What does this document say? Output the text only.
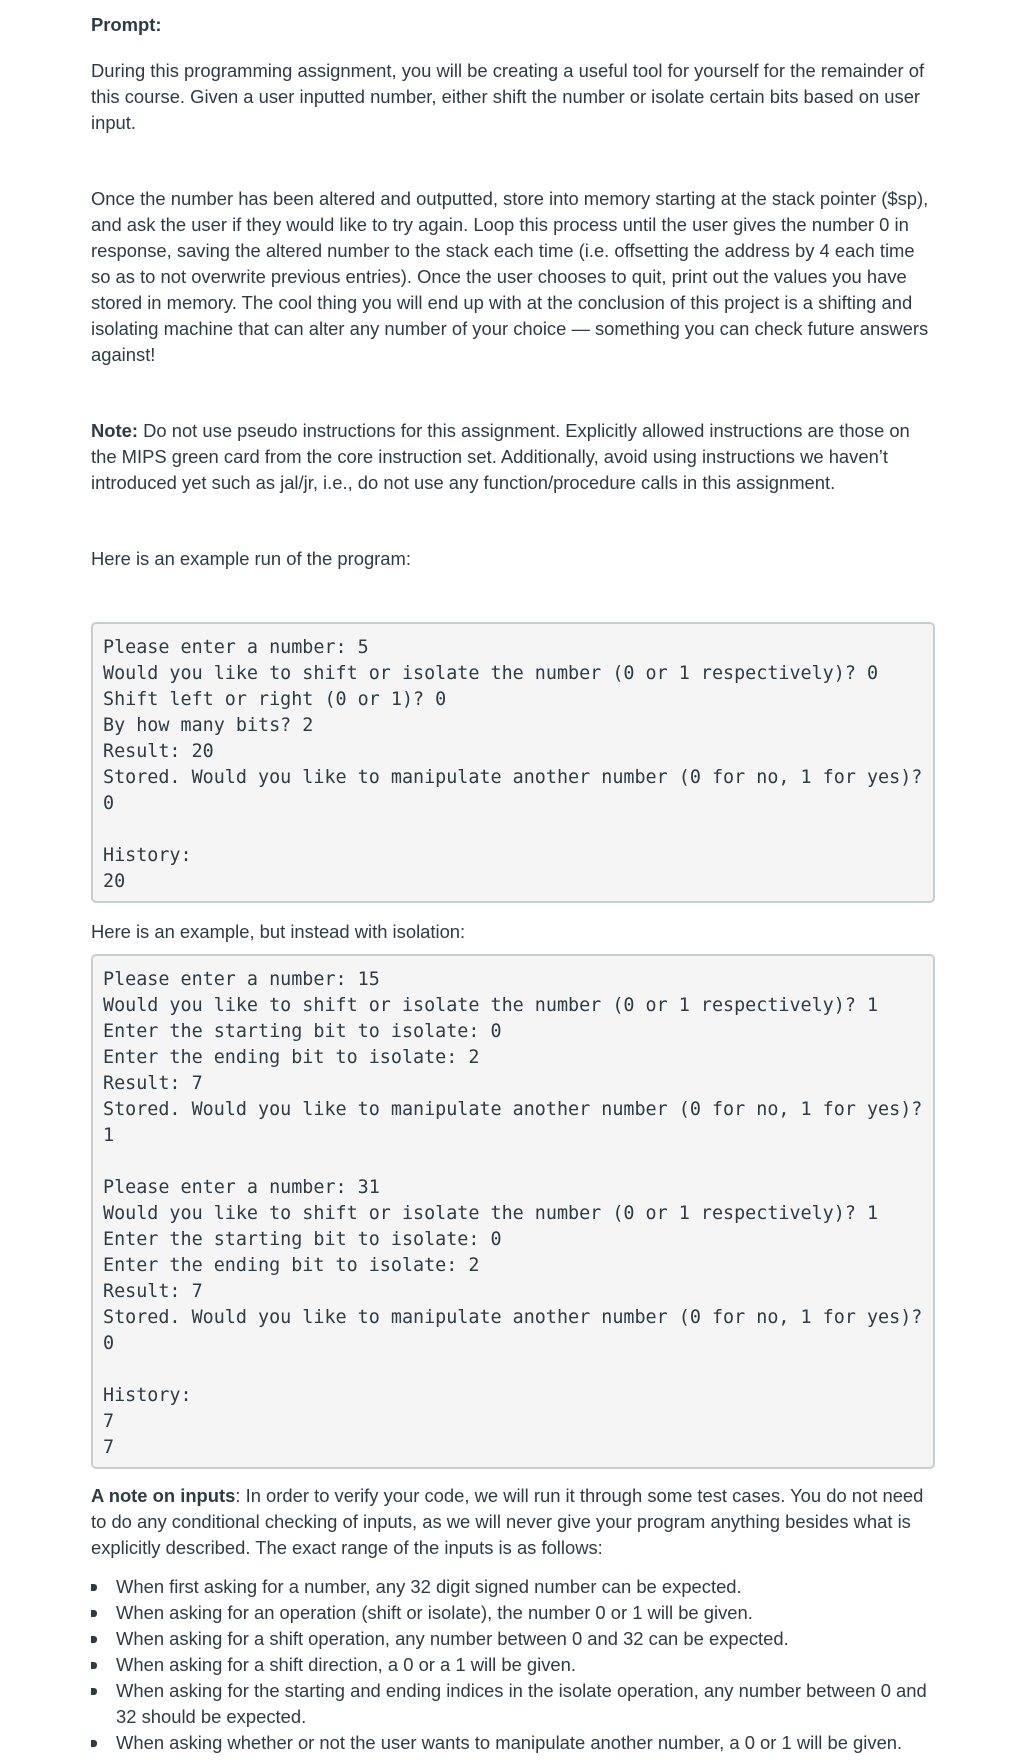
Prompt:

During this programming assignment, you will be creating a useful tool for yourself for the remainder of this course. Given a user inputted number, either shift the number or isolate certain bits based on user input.

Once the number has been altered and outputted, store into memory starting at the stack pointer ($sp), and ask the user if they would like to try again. Loop this process until the user gives the number 0 in response, saving the altered number to the stack each time (i.e. offsetting the address by 4 each time so as to not overwrite previous entries). Once the user chooses to quit, print out the values you have stored in memory. The cool thing you will end up with at the conclusion of this project is a shifting and isolating machine that can alter any number of your choice — something you can check future answers against!

Note: Do not use pseudo instructions for this assignment. Explicitly allowed instructions are those on the MIPS green card from the core instruction set. Additionally, avoid using instructions we haven’t introduced yet such as jal/jr, i.e., do not use any function/procedure calls in this assignment.

Here is an example run of the program:

Please enter a number: 5
Would you like to shift or isolate the number (0 or 1 respectively)? 0
Shift left or right (0 or 1)? 0
By how many bits? 2
Result: 20
Stored. Would you like to manipulate another number (0 for no, 1 for yes)?
0
History:
20

Here is an example, but instead with isolation:

Please enter a number: 15
Would you like to shift or isolate the number (0 or 1 respectively)? 1
Enter the starting bit to isolate: 0
Enter the ending bit to isolate: 2
Result: 7
Stored. Would you like to manipulate another number (0 for no, 1 for yes)?
1
Please enter a number: 31
Would you like to shift or isolate the number (0 or 1 respectively)? 1
Enter the starting bit to isolate: 0
Enter the ending bit to isolate: 2
Result: 7
Stored. Would you like to manipulate another number (0 for no, 1 for yes)?
0
History:
7
7

A note on inputs: In order to verify your code, we will run it through some test cases. You do not need to do any conditional checking of inputs, as we will never give your program anything besides what is explicitly described. The exact range of the inputs is as follows:

When first asking for a number, any 32 digit signed number can be expected.
When asking for an operation (shift or isolate), the number 0 or 1 will be given.
When asking for a shift operation, any number between 0 and 32 can be expected.
When asking for a shift direction, a 0 or a 1 will be given.
When asking for the starting and ending indices in the isolate operation, any number between 0 and 32 should be expected.
When asking whether or not the user wants to manipulate another number, a 0 or 1 will be given.
